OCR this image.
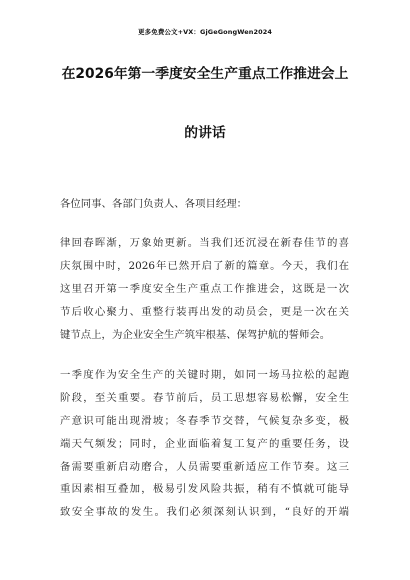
更多免费公文+VX：GjGeGongWen2024
在2026年第一季度安全生产重点工作推进会上
的讲话
各位同事、各部门负责人、各项目经理：
律回春晖渐，万象始更新。当我们还沉浸在新春佳节的喜
庆氛围中时，2026年已然开启了新的篇章。今天，我们在
这里召开第一季度安全生产重点工作推进会，这既是一次
节后收心聚力、重整行装再出发的动员会，更是一次在关
键节点上，为企业安全生产筑牢根基、保驾护航的誓师会。
一季度作为安全生产的关键时期，如同一场马拉松的起跑
阶段，至关重要。春节前后，员工思想容易松懈，安全生
产意识可能出现滑坡；冬春季节交替，气候复杂多变，极
端天气频发；同时，企业面临着复工复产的重要任务，设
备需要重新启动磨合，人员需要重新适应工作节奏。这三
重因素相互叠加，极易引发风险共振，稍有不慎就可能导
致安全事故的发生。我们必须深刻认识到，“良好的开端
